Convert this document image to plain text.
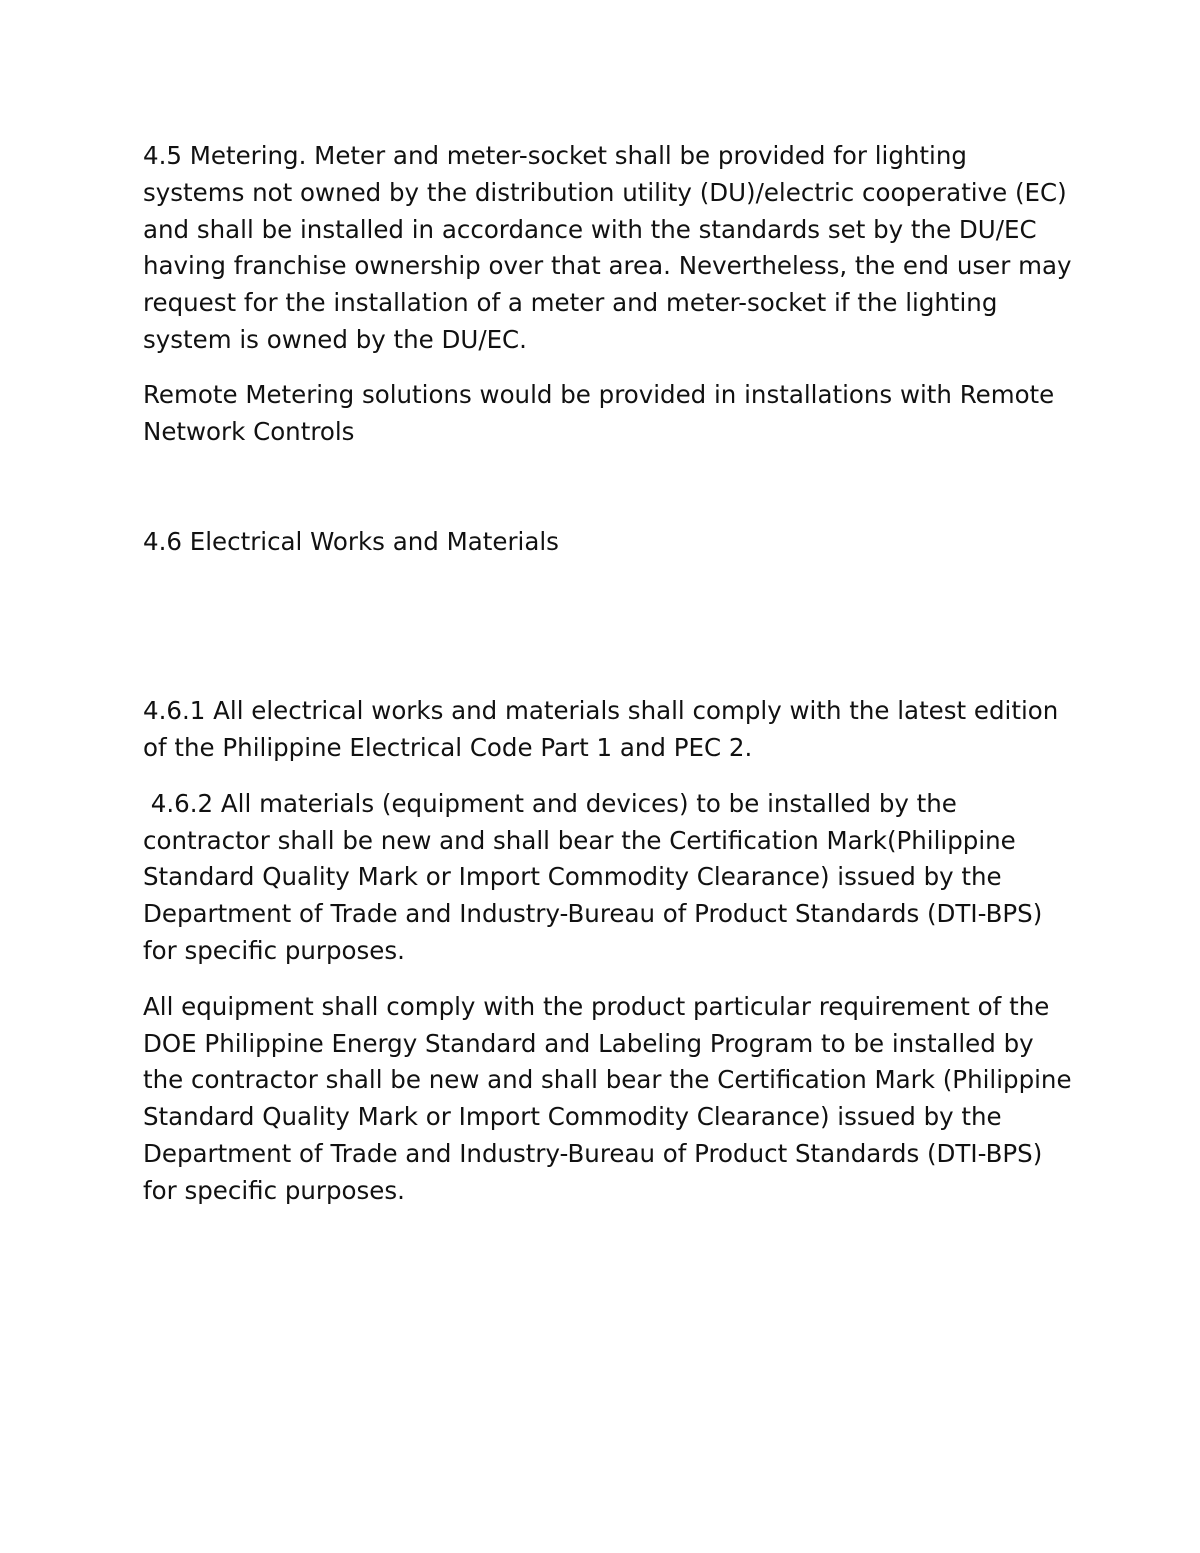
4.5 Metering. Meter and meter-socket shall be provided for lighting systems not owned by the distribution utility (DU)/electric cooperative (EC) and shall be installed in accordance with the standards set by the DU/EC having franchise ownership over that area. Nevertheless, the end user may request for the installation of a meter and meter-socket if the lighting system is owned by the DU/EC.

Remote Metering solutions would be provided in installations with Remote Network Controls

4.6 Electrical Works and Materials

4.6.1 All electrical works and materials shall comply with the latest edition of the Philippine Electrical Code Part 1 and PEC 2.

4.6.2 All materials (equipment and devices) to be installed by the contractor shall be new and shall bear the Certification Mark(Philippine Standard Quality Mark or Import Commodity Clearance) issued by the Department of Trade and Industry-Bureau of Product Standards (DTI-BPS) for specific purposes.

All equipment shall comply with the product particular requirement of the DOE Philippine Energy Standard and Labeling Program to be installed by the contractor shall be new and shall bear the Certification Mark (Philippine Standard Quality Mark or Import Commodity Clearance) issued by the Department of Trade and Industry-Bureau of Product Standards (DTI-BPS) for specific purposes.
